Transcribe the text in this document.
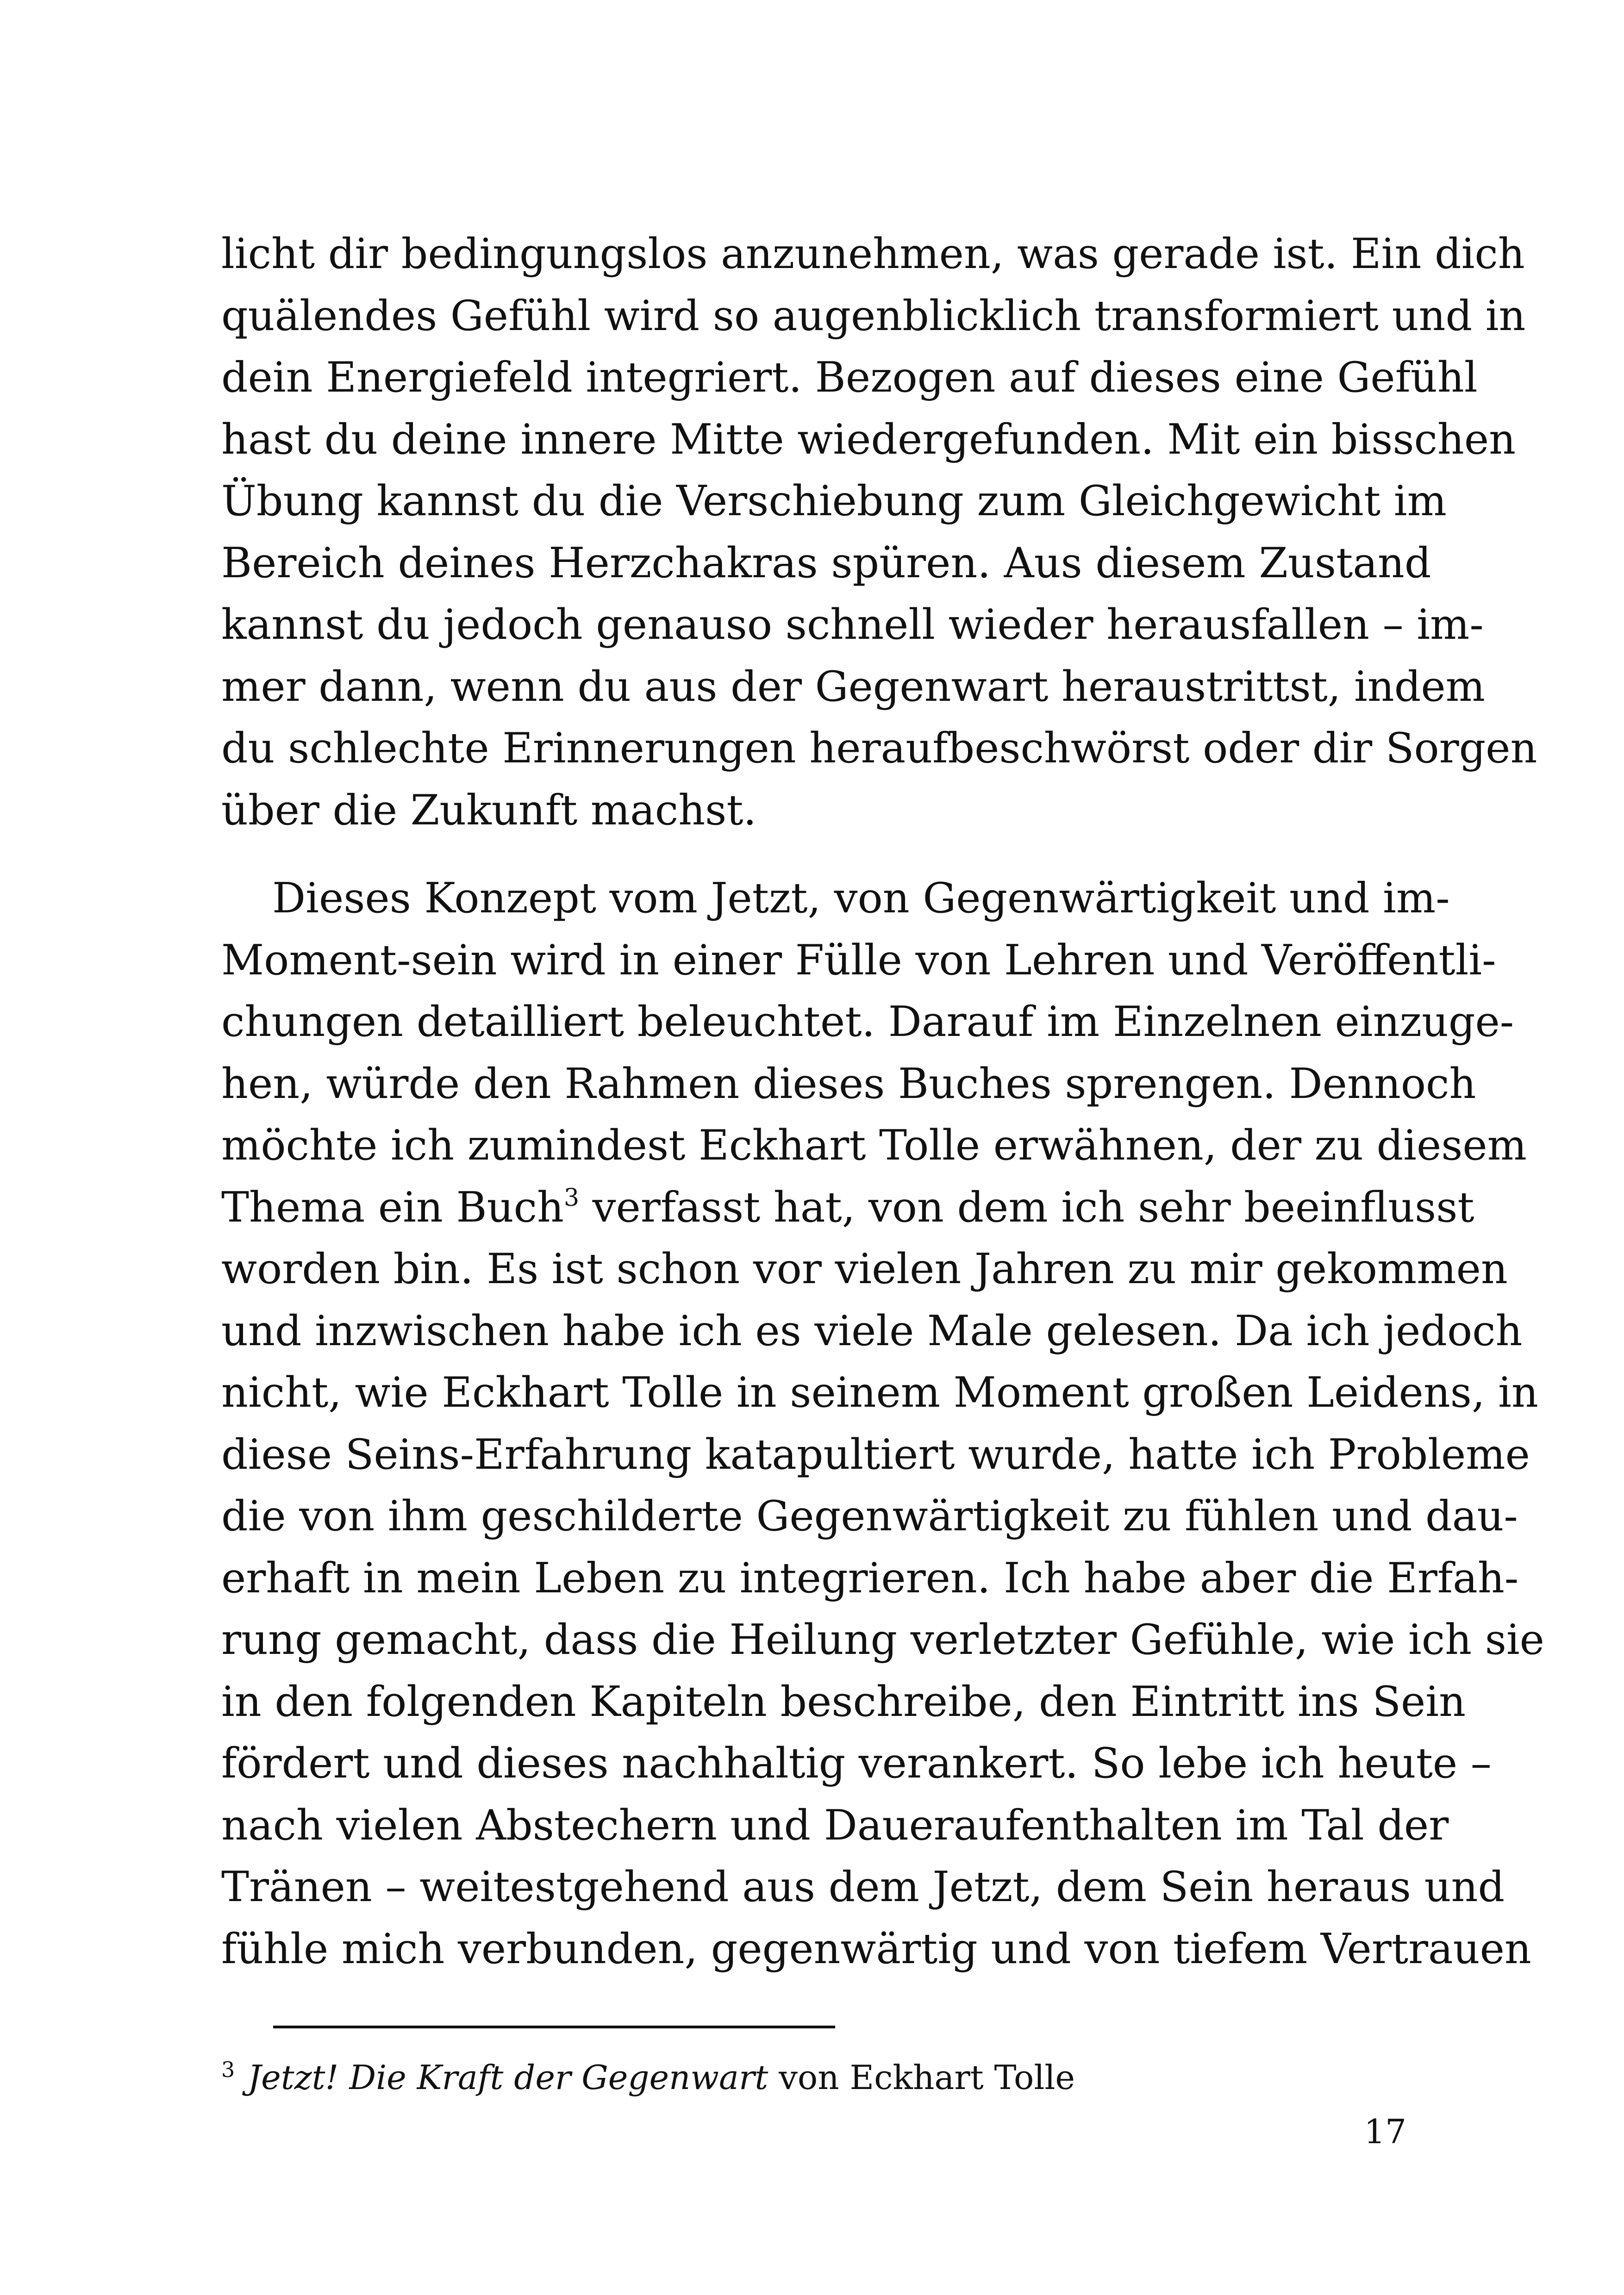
licht dir bedingungslos anzunehmen, was gerade ist. Ein dich
quälendes Gefühl wird so augenblicklich transformiert und in
dein Energiefeld integriert. Bezogen auf dieses eine Gefühl
hast du deine innere Mitte wiedergefunden. Mit ein bisschen
Übung kannst du die Verschiebung zum Gleichgewicht im
Bereich deines Herzchakras spüren. Aus diesem Zustand
kannst du jedoch genauso schnell wieder herausfallen – im-
mer dann, wenn du aus der Gegenwart heraustrittst, indem
du schlechte Erinnerungen heraufbeschwörst oder dir Sorgen
über die Zukunft machst.
Dieses Konzept vom Jetzt, von Gegenwärtigkeit und im-
Moment-sein wird in einer Fülle von Lehren und Veröffentli-
chungen detailliert beleuchtet. Darauf im Einzelnen einzuge-
hen, würde den Rahmen dieses Buches sprengen. Dennoch
möchte ich zumindest Eckhart Tolle erwähnen, der zu diesem
Thema ein Buch$^3$ verfasst hat, von dem ich sehr beeinflusst
worden bin. Es ist schon vor vielen Jahren zu mir gekommen
und inzwischen habe ich es viele Male gelesen. Da ich jedoch
nicht, wie Eckhart Tolle in seinem Moment großen Leidens, in
diese Seins-Erfahrung katapultiert wurde, hatte ich Probleme
die von ihm geschilderte Gegenwärtigkeit zu fühlen und dau-
erhaft in mein Leben zu integrieren. Ich habe aber die Erfah-
rung gemacht, dass die Heilung verletzter Gefühle, wie ich sie
in den folgenden Kapiteln beschreibe, den Eintritt ins Sein
fördert und dieses nachhaltig verankert. So lebe ich heute –
nach vielen Abstechern und Daueraufenthalten im Tal der
Tränen – weitestgehend aus dem Jetzt, dem Sein heraus und
fühle mich verbunden, gegenwärtig und von tiefem Vertrauen
$^3$ Jetzt! Die Kraft der Gegenwart von Eckhart Tolle
17
